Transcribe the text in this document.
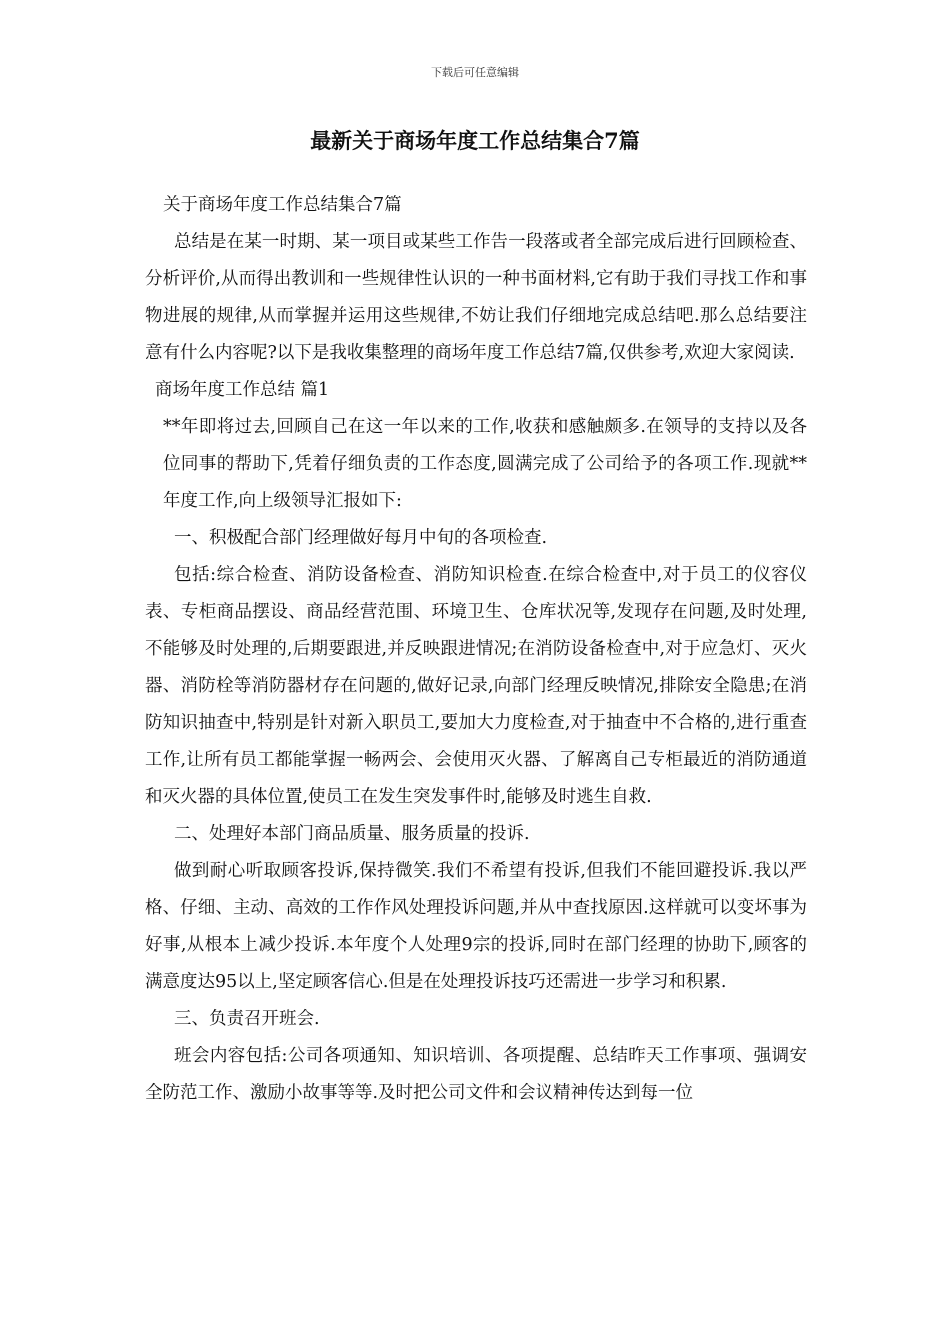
下载后可任意编辑
最新关于商场年度工作总结集合7篇

关于商场年度工作总结集合7篇

总结是在某一时期、某一项目或某些工作告一段落或者全部完成后进行回顾检查、分析评价,从而得出教训和一些规律性认识的一种书面材料,它有助于我们寻找工作和事物进展的规律,从而掌握并运用这些规律,不妨让我们仔细地完成总结吧.那么总结要注意有什么内容呢?以下是我收集整理的商场年度工作总结7篇,仅供参考,欢迎大家阅读.

商场年度工作总结 篇1

**年即将过去,回顾自己在这一年以来的工作,收获和感触颇多.在领导的支持以及各位同事的帮助下,凭着仔细负责的工作态度,圆满完成了公司给予的各项工作.现就**年度工作,向上级领导汇报如下:

一、积极配合部门经理做好每月中旬的各项检查.

包括:综合检查、消防设备检查、消防知识检查.在综合检查中,对于员工的仪容仪表、专柜商品摆设、商品经营范围、环境卫生、仓库状况等,发现存在问题,及时处理,不能够及时处理的,后期要跟进,并反映跟进情况;在消防设备检查中,对于应急灯、灭火器、消防栓等消防器材存在问题的,做好记录,向部门经理反映情况,排除安全隐患;在消防知识抽查中,特别是针对新入职员工,要加大力度检查,对于抽查中不合格的,进行重查工作,让所有员工都能掌握一畅两会、会使用灭火器、了解离自己专柜最近的消防通道和灭火器的具体位置,使员工在发生突发事件时,能够及时逃生自救.

二、处理好本部门商品质量、服务质量的投诉.

做到耐心听取顾客投诉,保持微笑.我们不希望有投诉,但我们不能回避投诉.我以严格、仔细、主动、高效的工作作风处理投诉问题,并从中查找原因.这样就可以变坏事为好事,从根本上减少投诉.本年度个人处理9宗的投诉,同时在部门经理的协助下,顾客的满意度达95以上,坚定顾客信心.但是在处理投诉技巧还需进一步学习和积累.

三、负责召开班会.

班会内容包括:公司各项通知、知识培训、各项提醒、总结昨天工作事项、强调安全防范工作、激励小故事等等.及时把公司文件和会议精神传达到每一位
